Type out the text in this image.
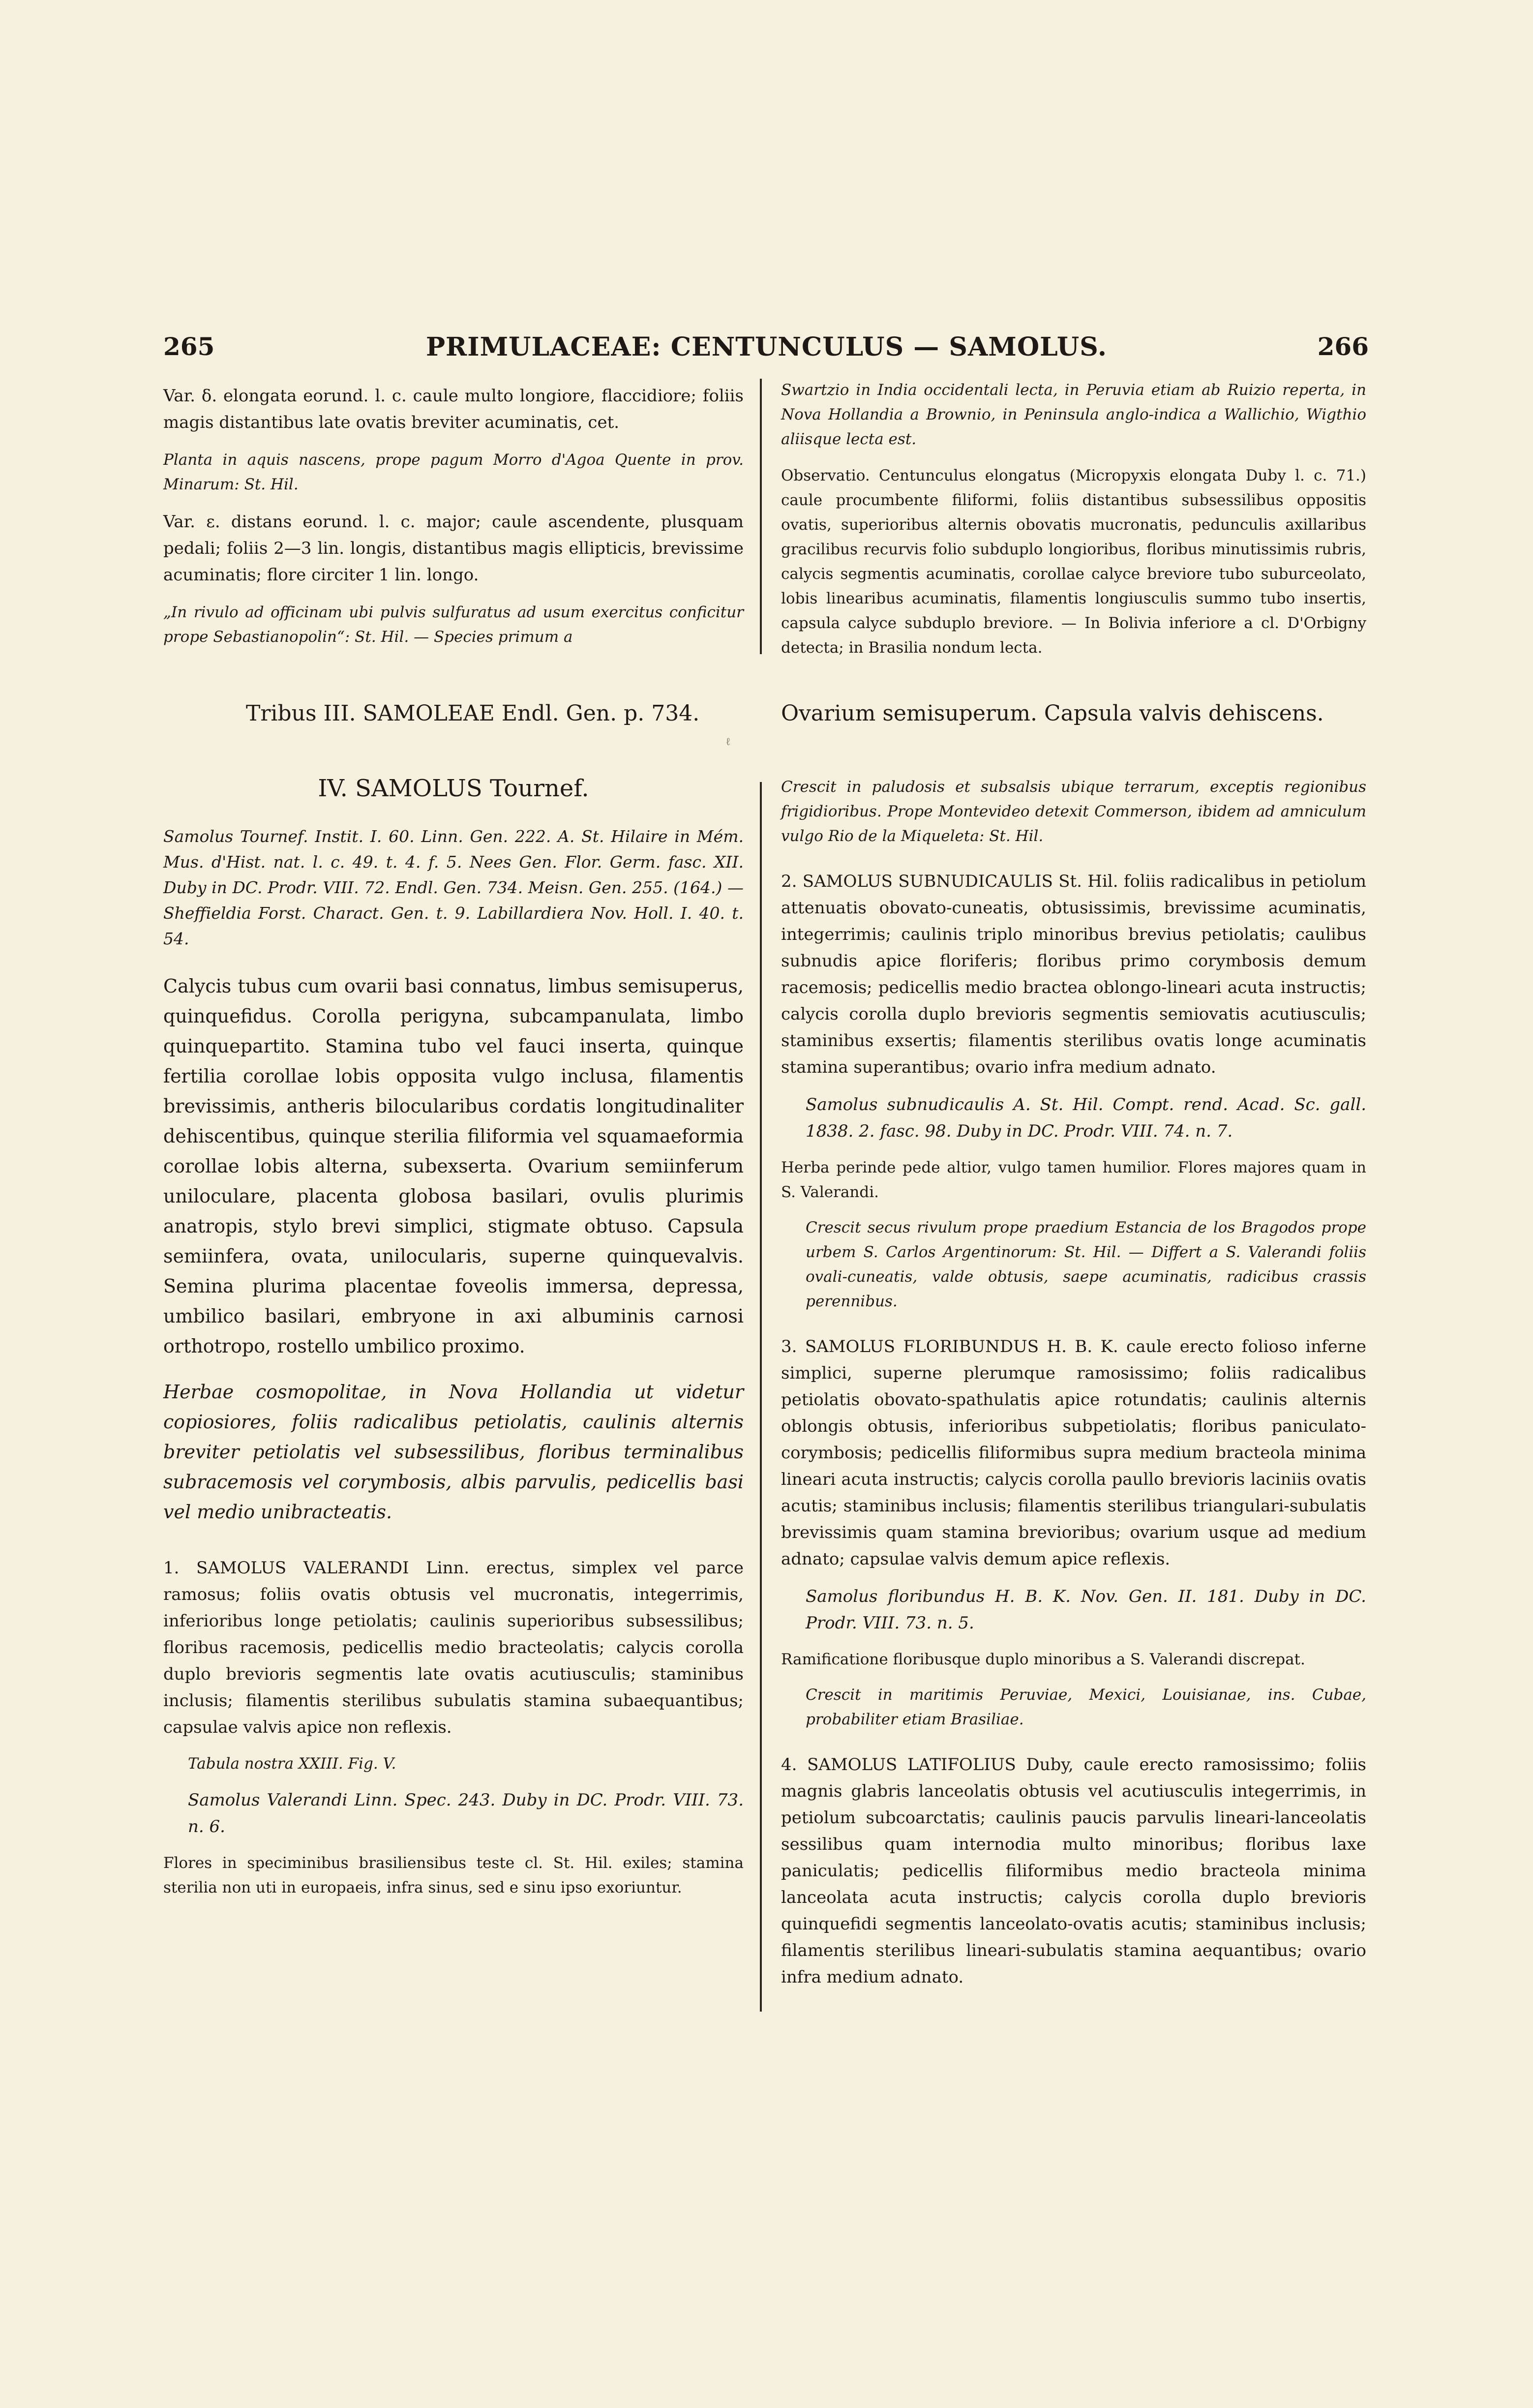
265	PRIMULACEAE: CENTUNCULUS — SAMOLUS.	266

Var. δ. elongata eorund. l. c. caule multo longiore, flaccidiore; foliis magis distantibus late ovatis breviter acuminatis, cet.

Planta in aquis nascens, prope pagum Morro d'Agoa Quente in prov. Minarum: St. Hil.

Var. ε. distans eorund. l. c. major; caule ascendente, plusquam pedali; foliis 2—3 lin. longis, distantibus magis ellipticis, brevissime acuminatis; flore circiter 1 lin. longo.

„In rivulo ad officinam ubi pulvis sulfuratus ad usum exercitus conficitur prope Sebastianopolin“: St. Hil. — Species primum a

Swartzio in India occidentali lecta, in Peruvia etiam ab Ruizio reperta, in Nova Hollandia a Brownio, in Peninsula anglo-indica a Wallichio, Wigthio aliisque lecta est.

Observatio. Centunculus elongatus (Micropyxis elongata Duby l. c. 71.) caule procumbente filiformi, foliis distantibus subsessilibus oppositis ovatis, superioribus alternis obovatis mucronatis, pedunculis axillaribus gracilibus recurvis folio subduplo longioribus, floribus minutissimis rubris, calycis segmentis acuminatis, corollae calyce breviore tubo suburceolato, lobis linearibus acuminatis, filamentis longiusculis summo tubo insertis, capsula calyce subduplo breviore. — In Bolivia inferiore a cl. D'Orbigny detecta; in Brasilia nondum lecta.

Tribus III. SAMOLEAE Endl. Gen. p. 734.	Ovarium semisuperum. Capsula valvis dehiscens.
ℓ
IV. SAMOLUS Tournef.

Samolus Tournef. Instit. I. 60. Linn. Gen. 222. A. St. Hilaire in Mém. Mus. d'Hist. nat. l. c. 49. t. 4. f. 5. Nees Gen. Flor. Germ. fasc. XII. Duby in DC. Prodr. VIII. 72. Endl. Gen. 734. Meisn. Gen. 255. (164.) — Sheffieldia Forst. Charact. Gen. t. 9. Labillardiera Nov. Holl. I. 40. t. 54.

Calycis tubus cum ovarii basi connatus, limbus semisuperus, quinquefidus. Corolla perigyna, subcampanulata, limbo quinquepartito. Stamina tubo vel fauci inserta, quinque fertilia corollae lobis opposita vulgo inclusa, filamentis brevissimis, antheris bilocularibus cordatis longitudinaliter dehiscentibus, quinque sterilia filiformia vel squamaeformia corollae lobis alterna, subexserta. Ovarium semiinferum uniloculare, placenta globosa basilari, ovulis plurimis anatropis, stylo brevi simplici, stigmate obtuso. Capsula semiinfera, ovata, unilocularis, superne quinquevalvis. Semina plurima placentae foveolis immersa, depressa, umbilico basilari, embryone in axi albuminis carnosi orthotropo, rostello umbilico proximo.

Herbae cosmopolitae, in Nova Hollandia ut videtur copiosiores, foliis radicalibus petiolatis, caulinis alternis breviter petiolatis vel subsessilibus, floribus terminalibus subracemosis vel corymbosis, albis parvulis, pedicellis basi vel medio unibracteatis.

1. SAMOLUS VALERANDI Linn. erectus, simplex vel parce ramosus; foliis ovatis obtusis vel mucronatis, integerrimis, inferioribus longe petiolatis; caulinis superioribus subsessilibus; floribus racemosis, pedicellis medio bracteolatis; calycis corolla duplo brevioris segmentis late ovatis acutiusculis; staminibus inclusis; filamentis sterilibus subulatis stamina subaequantibus; capsulae valvis apice non reflexis.

Tabula nostra XXIII. Fig. V.

Samolus Valerandi Linn. Spec. 243. Duby in DC. Prodr. VIII. 73. n. 6.

Flores in speciminibus brasiliensibus teste cl. St. Hil. exiles; stamina sterilia non uti in europaeis, infra sinus, sed e sinu ipso exoriuntur.

Crescit in paludosis et subsalsis ubique terrarum, exceptis regionibus frigidioribus. Prope Montevideo detexit Commerson, ibidem ad amniculum vulgo Rio de la Miqueleta: St. Hil.

2. SAMOLUS SUBNUDICAULIS St. Hil. foliis radicalibus in petiolum attenuatis obovato-cuneatis, obtusissimis, brevissime acuminatis, integerrimis; caulinis triplo minoribus brevius petiolatis; caulibus subnudis apice floriferis; floribus primo corymbosis demum racemosis; pedicellis medio bractea oblongo-lineari acuta instructis; calycis corolla duplo brevioris segmentis semiovatis acutiusculis; staminibus exsertis; filamentis sterilibus ovatis longe acuminatis stamina superantibus; ovario infra medium adnato.

Samolus subnudicaulis A. St. Hil. Compt. rend. Acad. Sc. gall. 1838. 2. fasc. 98. Duby in DC. Prodr. VIII. 74. n. 7.

Herba perinde pede altior, vulgo tamen humilior. Flores majores quam in S. Valerandi.

Crescit secus rivulum prope praedium Estancia de los Bragodos prope urbem S. Carlos Argentinorum: St. Hil. — Differt a S. Valerandi foliis ovali-cuneatis, valde obtusis, saepe acuminatis, radicibus crassis perennibus.

3. SAMOLUS FLORIBUNDUS H. B. K. caule erecto folioso inferne simplici, superne plerumque ramosissimo; foliis radicalibus petiolatis obovato-spathulatis apice rotundatis; caulinis alternis oblongis obtusis, inferioribus subpetiolatis; floribus paniculato-corymbosis; pedicellis filiformibus supra medium bracteola minima lineari acuta instructis; calycis corolla paullo brevioris laciniis ovatis acutis; staminibus inclusis; filamentis sterilibus triangulari-subulatis brevissimis quam stamina brevioribus; ovarium usque ad medium adnato; capsulae valvis demum apice reflexis.

Samolus floribundus H. B. K. Nov. Gen. II. 181. Duby in DC. Prodr. VIII. 73. n. 5.

Ramificatione floribusque duplo minoribus a S. Valerandi discrepat.

Crescit in maritimis Peruviae, Mexici, Louisianae, ins. Cubae, probabiliter etiam Brasiliae.

4. SAMOLUS LATIFOLIUS Duby, caule erecto ramosissimo; foliis magnis glabris lanceolatis obtusis vel acutiusculis integerrimis, in petiolum subcoarctatis; caulinis paucis parvulis lineari-lanceolatis sessilibus quam internodia multo minoribus; floribus laxe paniculatis; pedicellis filiformibus medio bracteola minima lanceolata acuta instructis; calycis corolla duplo brevioris quinquefidi segmentis lanceolato-ovatis acutis; staminibus inclusis; filamentis sterilibus lineari-subulatis stamina aequantibus; ovario infra medium adnato.
